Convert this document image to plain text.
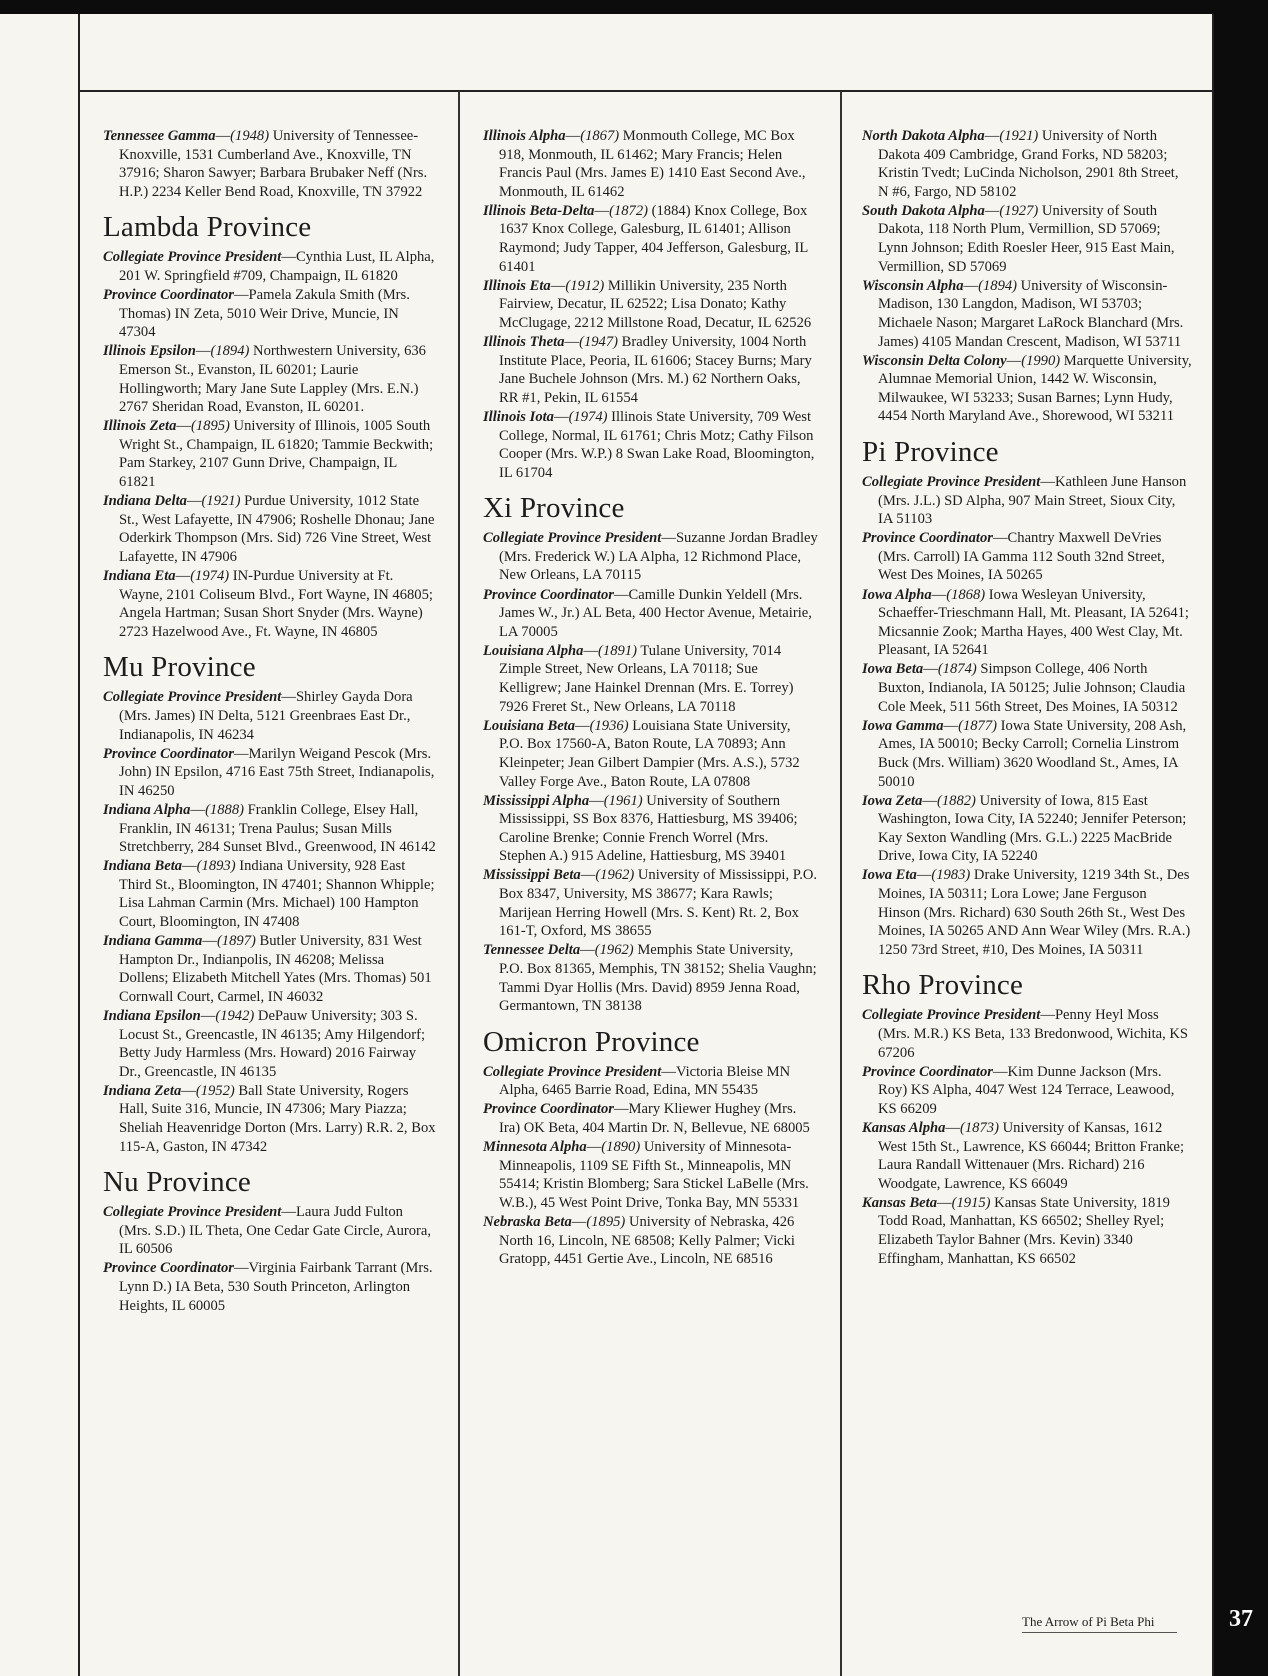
Tennessee Gamma—(1948) University of Tennessee-Knoxville, 1531 Cumberland Ave., Knoxville, TN 37916; Sharon Sawyer; Barbara Brubaker Neff (Nrs. H.P.) 2234 Keller Bend Road, Knoxville, TN 37922

Lambda Province

Collegiate Province President—Cynthia Lust, IL Alpha, 201 W. Springfield #709, Champaign, IL 61820

Province Coordinator—Pamela Zakula Smith (Mrs. Thomas) IN Zeta, 5010 Weir Drive, Muncie, IN 47304

Illinois Epsilon—(1894) Northwestern University, 636 Emerson St., Evanston, IL 60201; Laurie Hollingworth; Mary Jane Sute Lappley (Mrs. E.N.) 2767 Sheridan Road, Evanston, IL 60201.

Illinois Zeta—(1895) University of Illinois, 1005 South Wright St., Champaign, IL 61820; Tammie Beckwith; Pam Starkey, 2107 Gunn Drive, Champaign, IL 61821

Indiana Delta—(1921) Purdue University, 1012 State St., West Lafayette, IN 47906; Roshelle Dhonau; Jane Oderkirk Thompson (Mrs. Sid) 726 Vine Street, West Lafayette, IN 47906

Indiana Eta—(1974) IN-Purdue University at Ft. Wayne, 2101 Coliseum Blvd., Fort Wayne, IN 46805; Angela Hartman; Susan Short Snyder (Mrs. Wayne) 2723 Hazelwood Ave., Ft. Wayne, IN 46805

Mu Province

Collegiate Province President—Shirley Gayda Dora (Mrs. James) IN Delta, 5121 Greenbraes East Dr., Indianapolis, IN 46234

Province Coordinator—Marilyn Weigand Pescok (Mrs. John) IN Epsilon, 4716 East 75th Street, Indianapolis, IN 46250

Indiana Alpha—(1888) Franklin College, Elsey Hall, Franklin, IN 46131; Trena Paulus; Susan Mills Stretchberry, 284 Sunset Blvd., Greenwood, IN 46142

Indiana Beta—(1893) Indiana University, 928 East Third St., Bloomington, IN 47401; Shannon Whipple; Lisa Lahman Carmin (Mrs. Michael) 100 Hampton Court, Bloomington, IN 47408

Indiana Gamma—(1897) Butler University, 831 West Hampton Dr., Indianpolis, IN 46208; Melissa Dollens; Elizabeth Mitchell Yates (Mrs. Thomas) 501 Cornwall Court, Carmel, IN 46032

Indiana Epsilon—(1942) DePauw University; 303 S. Locust St., Greencastle, IN 46135; Amy Hilgendorf; Betty Judy Harmless (Mrs. Howard) 2016 Fairway Dr., Greencastle, IN 46135

Indiana Zeta—(1952) Ball State University, Rogers Hall, Suite 316, Muncie, IN 47306; Mary Piazza; Sheliah Heavenridge Dorton (Mrs. Larry) R.R. 2, Box 115-A, Gaston, IN 47342

Nu Province

Collegiate Province President—Laura Judd Fulton (Mrs. S.D.) IL Theta, One Cedar Gate Circle, Aurora, IL 60506

Province Coordinator—Virginia Fairbank Tarrant (Mrs. Lynn D.) IA Beta, 530 South Princeton, Arlington Heights, IL 60005

Illinois Alpha—(1867) Monmouth College, MC Box 918, Monmouth, IL 61462; Mary Francis; Helen Francis Paul (Mrs. James E) 1410 East Second Ave., Monmouth, IL 61462

Illinois Beta-Delta—(1872) (1884) Knox College, Box 1637 Knox College, Galesburg, IL 61401; Allison Raymond; Judy Tapper, 404 Jefferson, Galesburg, IL 61401

Illinois Eta—(1912) Millikin University, 235 North Fairview, Decatur, IL 62522; Lisa Donato; Kathy McClugage, 2212 Millstone Road, Decatur, IL 62526

Illinois Theta—(1947) Bradley University, 1004 North Institute Place, Peoria, IL 61606; Stacey Burns; Mary Jane Buchele Johnson (Mrs. M.) 62 Northern Oaks, RR #1, Pekin, IL 61554

Illinois Iota—(1974) Illinois State University, 709 West College, Normal, IL 61761; Chris Motz; Cathy Filson Cooper (Mrs. W.P.) 8 Swan Lake Road, Bloomington, IL 61704

Xi Province

Collegiate Province President—Suzanne Jordan Bradley (Mrs. Frederick W.) LA Alpha, 12 Richmond Place, New Orleans, LA 70115

Province Coordinator—Camille Dunkin Yeldell (Mrs. James W., Jr.) AL Beta, 400 Hector Avenue, Metairie, LA 70005

Louisiana Alpha—(1891) Tulane University, 7014 Zimple Street, New Orleans, LA 70118; Sue Kelligrew; Jane Hainkel Drennan (Mrs. E. Torrey) 7926 Freret St., New Orleans, LA 70118

Louisiana Beta—(1936) Louisiana State University, P.O. Box 17560-A, Baton Route, LA 70893; Ann Kleinpeter; Jean Gilbert Dampier (Mrs. A.S.), 5732 Valley Forge Ave., Baton Route, LA 07808

Mississippi Alpha—(1961) University of Southern Mississippi, SS Box 8376, Hattiesburg, MS 39406; Caroline Brenke; Connie French Worrel (Mrs. Stephen A.) 915 Adeline, Hattiesburg, MS 39401

Mississippi Beta—(1962) University of Mississippi, P.O. Box 8347, University, MS 38677; Kara Rawls; Marijean Herring Howell (Mrs. S. Kent) Rt. 2, Box 161-T, Oxford, MS 38655

Tennessee Delta—(1962) Memphis State University, P.O. Box 81365, Memphis, TN 38152; Shelia Vaughn; Tammi Dyar Hollis (Mrs. David) 8959 Jenna Road, Germantown, TN 38138

Omicron Province

Collegiate Province President—Victoria Bleise MN Alpha, 6465 Barrie Road, Edina, MN 55435

Province Coordinator—Mary Kliewer Hughey (Mrs. Ira) OK Beta, 404 Martin Dr. N, Bellevue, NE 68005

Minnesota Alpha—(1890) University of Minnesota-Minneapolis, 1109 SE Fifth St., Minneapolis, MN 55414; Kristin Blomberg; Sara Stickel LaBelle (Mrs. W.B.), 45 West Point Drive, Tonka Bay, MN 55331

Nebraska Beta—(1895) University of Nebraska, 426 North 16, Lincoln, NE 68508; Kelly Palmer; Vicki Gratopp, 4451 Gertie Ave., Lincoln, NE 68516

North Dakota Alpha—(1921) University of North Dakota 409 Cambridge, Grand Forks, ND 58203; Kristin Tvedt; LuCinda Nicholson, 2901 8th Street, N #6, Fargo, ND 58102

South Dakota Alpha—(1927) University of South Dakota, 118 North Plum, Vermillion, SD 57069; Lynn Johnson; Edith Roesler Heer, 915 East Main, Vermillion, SD 57069

Wisconsin Alpha—(1894) University of Wisconsin-Madison, 130 Langdon, Madison, WI 53703; Michaele Nason; Margaret LaRock Blanchard (Mrs. James) 4105 Mandan Crescent, Madison, WI 53711

Wisconsin Delta Colony—(1990) Marquette University, Alumnae Memorial Union, 1442 W. Wisconsin, Milwaukee, WI 53233; Susan Barnes; Lynn Hudy, 4454 North Maryland Ave., Shorewood, WI 53211

Pi Province

Collegiate Province President—Kathleen June Hanson (Mrs. J.L.) SD Alpha, 907 Main Street, Sioux City, IA 51103

Province Coordinator—Chantry Maxwell DeVries (Mrs. Carroll) IA Gamma 112 South 32nd Street, West Des Moines, IA 50265

Iowa Alpha—(1868) Iowa Wesleyan University, Schaeffer-Trieschmann Hall, Mt. Pleasant, IA 52641; Micsannie Zook; Martha Hayes, 400 West Clay, Mt. Pleasant, IA 52641

Iowa Beta—(1874) Simpson College, 406 North Buxton, Indianola, IA 50125; Julie Johnson; Claudia Cole Meek, 511 56th Street, Des Moines, IA 50312

Iowa Gamma—(1877) Iowa State University, 208 Ash, Ames, IA 50010; Becky Carroll; Cornelia Linstrom Buck (Mrs. William) 3620 Woodland St., Ames, IA 50010

Iowa Zeta—(1882) University of Iowa, 815 East Washington, Iowa City, IA 52240; Jennifer Peterson; Kay Sexton Wandling (Mrs. G.L.) 2225 MacBride Drive, Iowa City, IA 52240

Iowa Eta—(1983) Drake University, 1219 34th St., Des Moines, IA 50311; Lora Lowe; Jane Ferguson Hinson (Mrs. Richard) 630 South 26th St., West Des Moines, IA 50265 AND Ann Wear Wiley (Mrs. R.A.) 1250 73rd Street, #10, Des Moines, IA 50311

Rho Province

Collegiate Province President—Penny Heyl Moss (Mrs. M.R.) KS Beta, 133 Bredonwood, Wichita, KS 67206

Province Coordinator—Kim Dunne Jackson (Mrs. Roy) KS Alpha, 4047 West 124 Terrace, Leawood, KS 66209

Kansas Alpha—(1873) University of Kansas, 1612 West 15th St., Lawrence, KS 66044; Britton Franke; Laura Randall Wittenauer (Mrs. Richard) 216 Woodgate, Lawrence, KS 66049

Kansas Beta—(1915) Kansas State University, 1819 Todd Road, Manhattan, KS 66502; Shelley Ryel; Elizabeth Taylor Bahner (Mrs. Kevin) 3340 Effingham, Manhattan, KS 66502

The Arrow of Pi Beta Phi	37
